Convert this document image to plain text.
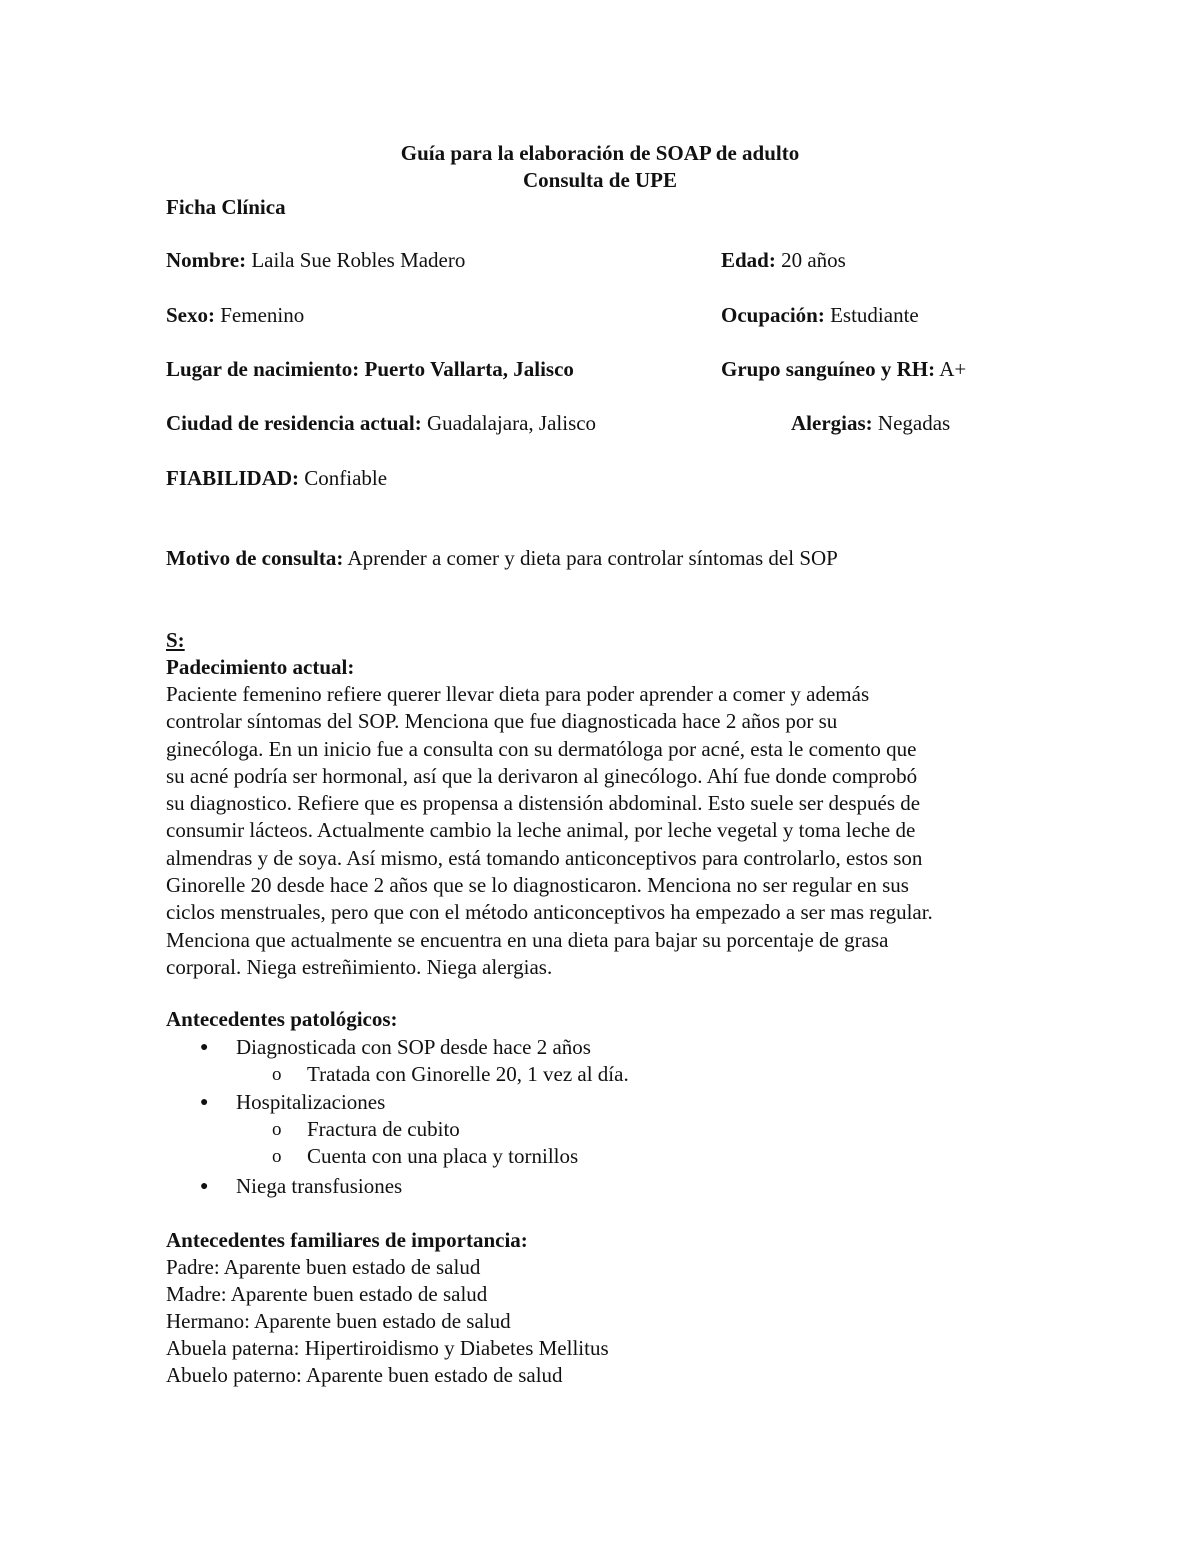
Guía para la elaboración de SOAP de adulto
Consulta de UPE
Ficha Clínica
Nombre: Laila Sue Robles Madero	Edad: 20 años
Sexo: Femenino	Ocupación: Estudiante
Lugar de nacimiento: Puerto Vallarta, Jalisco	Grupo sanguíneo y RH: A+
Ciudad de residencia actual: Guadalajara, Jalisco	Alergias: Negadas
FIABILIDAD: Confiable
Motivo de consulta: Aprender a comer y dieta para controlar síntomas del SOP
S:
Padecimiento actual:
Paciente femenino refiere querer llevar dieta para poder aprender a comer y además
controlar síntomas del SOP. Menciona que fue diagnosticada hace 2 años por su
ginecóloga. En un inicio fue a consulta con su dermatóloga por acné, esta le comento que
su acné podría ser hormonal, así que la derivaron al ginecólogo. Ahí fue donde comprobó
su diagnostico. Refiere que es propensa a distensión abdominal. Esto suele ser después de
consumir lácteos. Actualmente cambio la leche animal, por leche vegetal y toma leche de
almendras y de soya. Así mismo, está tomando anticonceptivos para controlarlo, estos son
Ginorelle 20 desde hace 2 años que se lo diagnosticaron. Menciona no ser regular en sus
ciclos menstruales, pero que con el método anticonceptivos ha empezado a ser mas regular.
Menciona que actualmente se encuentra en una dieta para bajar su porcentaje de grasa
corporal. Niega estreñimiento. Niega alergias.
Antecedentes patológicos:
● Diagnosticada con SOP desde hace 2 años
o Tratada con Ginorelle 20, 1 vez al día.
● Hospitalizaciones
o Fractura de cubito
o Cuenta con una placa y tornillos
● Niega transfusiones
Antecedentes familiares de importancia:
Padre: Aparente buen estado de salud
Madre: Aparente buen estado de salud
Hermano: Aparente buen estado de salud
Abuela paterna: Hipertiroidismo y Diabetes Mellitus
Abuelo paterno: Aparente buen estado de salud
